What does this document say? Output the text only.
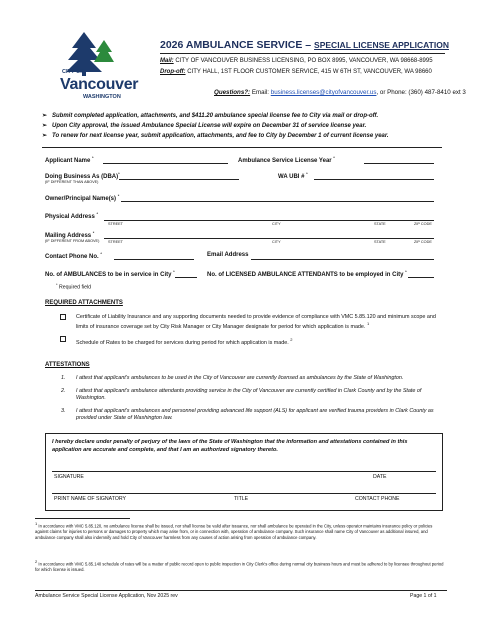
CITY OF
Vancouver
WASHINGTON
2026 AMBULANCE SERVICE – SPECIAL LICENSE APPLICATION
Mail: CITY OF VANCOUVER BUSINESS LICENSING, PO BOX 8995, VANCOUVER, WA 98668-8995
Drop-off: CITY HALL, 1ST FLOOR CUSTOMER SERVICE, 415 W 6TH ST, VANCOUVER, WA 98660
Questions?: Email: business.licenses@cityofvancouver.us, or Phone: (360) 487-8410 ext 3
➢ Submit completed application, attachments, and $411.20 ambulance special license fee to City via mail or drop-off.
➢ Upon City approval, the issued Ambulance Special License will expire on December 31 of service license year.
➢ To renew for next license year, submit application, attachments, and fee to City by December 1 of current license year.
Applicant Name *
Ambulance Service License Year *
Doing Business As (DBA)*
(IF DIFFERENT THAN ABOVE)
WA UBI # *
Owner/Principal Name(s) *
Physical Address *
STREET	CITY	STATE	ZIP CODE
Mailing Address *
(IF DIFFERENT FROM ABOVE) STREET	CITY	STATE	ZIP CODE
Contact Phone No. *	Email Address
No. of AMBULANCES to be in service in City *
No. of LICENSED AMBULANCE ATTENDANTS to be employed in City *
* Required field
REQUIRED ATTACHMENTS
Certificate of Liability Insurance and any supporting documents needed to provide evidence of compliance with VMC 5.85.120 and minimum scope and limits of insurance coverage set by City Risk Manager or City Manager designate for period for which application is made. $^1$
Schedule of Rates to be charged for services during period for which application is made. $^2$
ATTESTATIONS
1. I attest that applicant's ambulances to be used in the City of Vancouver are currently licensed as ambulances by the State of Washington.
2. I attest that applicant's ambulance attendants providing service in the City of Vancouver are currently certified in Clark County and by the State of Washington.
3. I attest that applicant's ambulances and personnel providing advanced life support (ALS) for applicant are verified trauma providers in Clark County as provided under State of Washington law.
I hereby declare under penalty of perjury of the laws of the State of Washington that the information and attestations contained in this application are accurate and complete, and that I am an authorized signatory thereto.
SIGNATURE	DATE
PRINT NAME OF SIGNATORY	TITLE	CONTACT PHONE
1 In accordance with VMC 5.85.120, no ambulance license shall be issued, nor shall license be valid after issuance, nor shall ambulance be operated in the City, unless operator maintains insurance policy or policies against claims for injuries to persons or damages to property which may arise from, or in connection with, operation of ambulance company. Such insurance shall name City of Vancouver as additional insured, and ambulance company shall also indemnify and hold City of Vancouver harmless from any causes of action arising from operation of ambulance company.
2 In accordance with VMC 5.85.140 schedule of rates will be a matter of public record open to public inspection in City Clerk's office during normal city business hours and must be adhered to by licensee throughout period for which license is issued.
Ambulance Service Special License Application, Nov 2025 rev	Page 1 of 1
